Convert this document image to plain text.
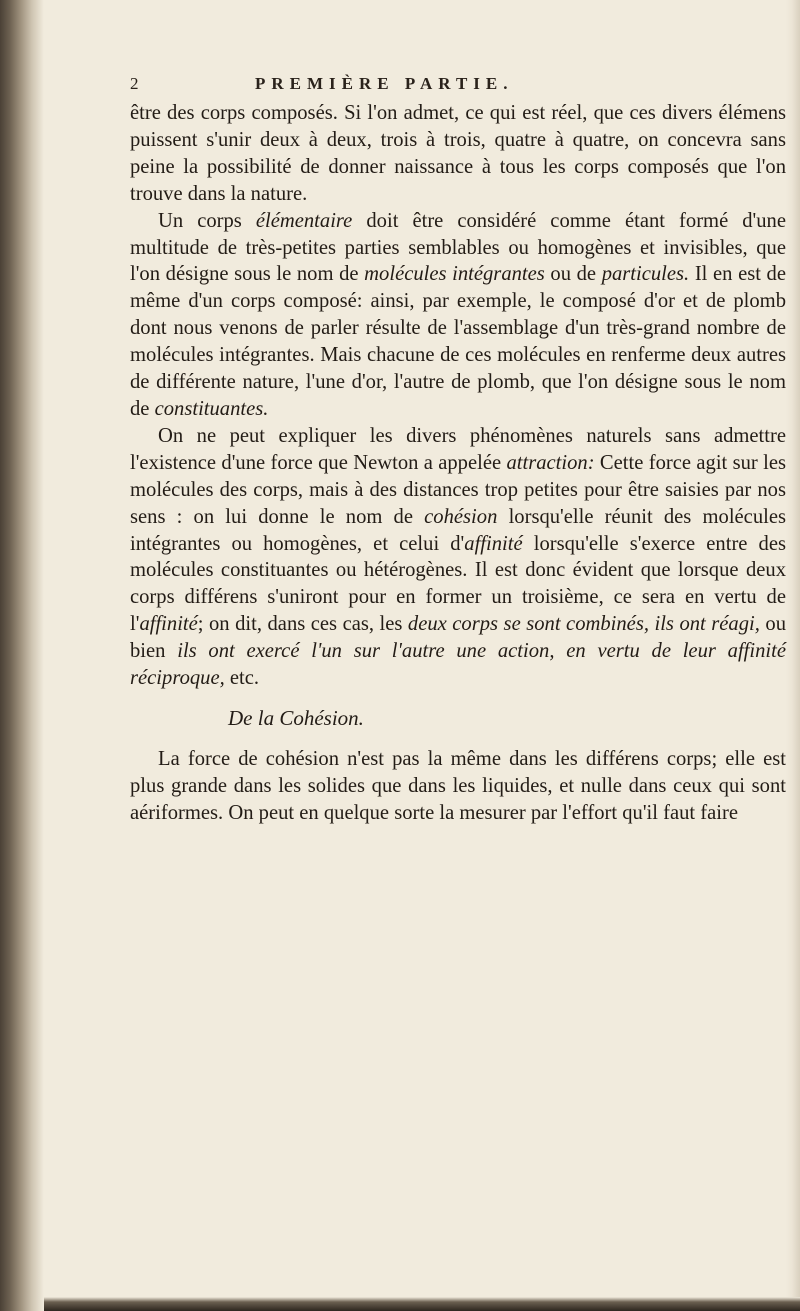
2	PREMIÈRE PARTIE.

être des corps composés. Si l'on admet, ce qui est réel, que ces divers élémens puissent s'unir deux à deux, trois à trois, quatre à quatre, on concevra sans peine la possibilité de donner naissance à tous les corps composés que l'on trouve dans la nature.

Un corps élémentaire doit être considéré comme étant formé d'une multitude de très-petites parties semblables ou homogènes et invisibles, que l'on désigne sous le nom de molécules intégrantes ou de particules. Il en est de même d'un corps composé: ainsi, par exemple, le composé d'or et de plomb dont nous venons de parler résulte de l'assemblage d'un très-grand nombre de molécules intégrantes. Mais chacune de ces molécules en renferme deux autres de différente nature, l'une d'or, l'autre de plomb, que l'on désigne sous le nom de constituantes.

On ne peut expliquer les divers phénomènes naturels sans admettre l'existence d'une force que Newton a appelée attraction: Cette force agit sur les molécules des corps, mais à des distances trop petites pour être saisies par nos sens : on lui donne le nom de cohésion lorsqu'elle réunit des molécules intégrantes ou homogènes, et celui d'affinité lorsqu'elle s'exerce entre des molécules constituantes ou hétérogènes. Il est donc évident que lorsque deux corps différens s'uniront pour en former un troisième, ce sera en vertu de l'affinité; on dit, dans ces cas, les deux corps se sont combinés, ils ont réagi, ou bien ils ont exercé l'un sur l'autre une action, en vertu de leur affinité réciproque, etc.

De la Cohésion.

La force de cohésion n'est pas la même dans les différens corps; elle est plus grande dans les solides que dans les liquides, et nulle dans ceux qui sont aériformes. On peut en quelque sorte la mesurer par l'effort qu'il faut faire
